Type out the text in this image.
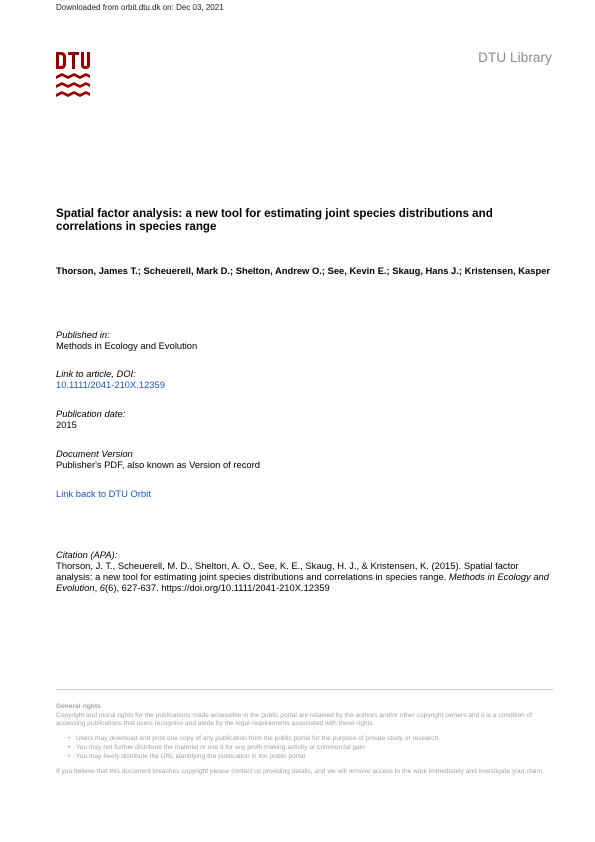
Downloaded from orbit.dtu.dk on: Dec 03, 2021
DTU Library
Spatial factor analysis: a new tool for estimating joint species distributions and correlations in species range
Thorson, James T.; Scheuerell, Mark D.; Shelton, Andrew O.; See, Kevin E.; Skaug, Hans J.; Kristensen, Kasper
Published in:
Methods in Ecology and Evolution
Link to article, DOI:
10.1111/2041-210X.12359
Publication date:
2015
Document Version
Publisher's PDF, also known as Version of record
Link back to DTU Orbit
Citation (APA):
Thorson, J. T., Scheuerell, M. D., Shelton, A. O., See, K. E., Skaug, H. J., & Kristensen, K. (2015). Spatial factor analysis: a new tool for estimating joint species distributions and correlations in species range. Methods in Ecology and Evolution, 6(6), 627-637. https://doi.org/10.1111/2041-210X.12359
General rights
Copyright and moral rights for the publications made accessible in the public portal are retained by the authors and/or other copyright owners and it is a condition of accessing publications that users recognise and abide by the legal requirements associated with these rights.
• Users may download and print one copy of any publication from the public portal for the purpose of private study or research.
• You may not further distribute the material or use it for any profit-making activity or commercial gain
• You may freely distribute the URL identifying the publication in the public portal
If you believe that this document breaches copyright please contact us providing details, and we will remove access to the work immediately and investigate your claim.
